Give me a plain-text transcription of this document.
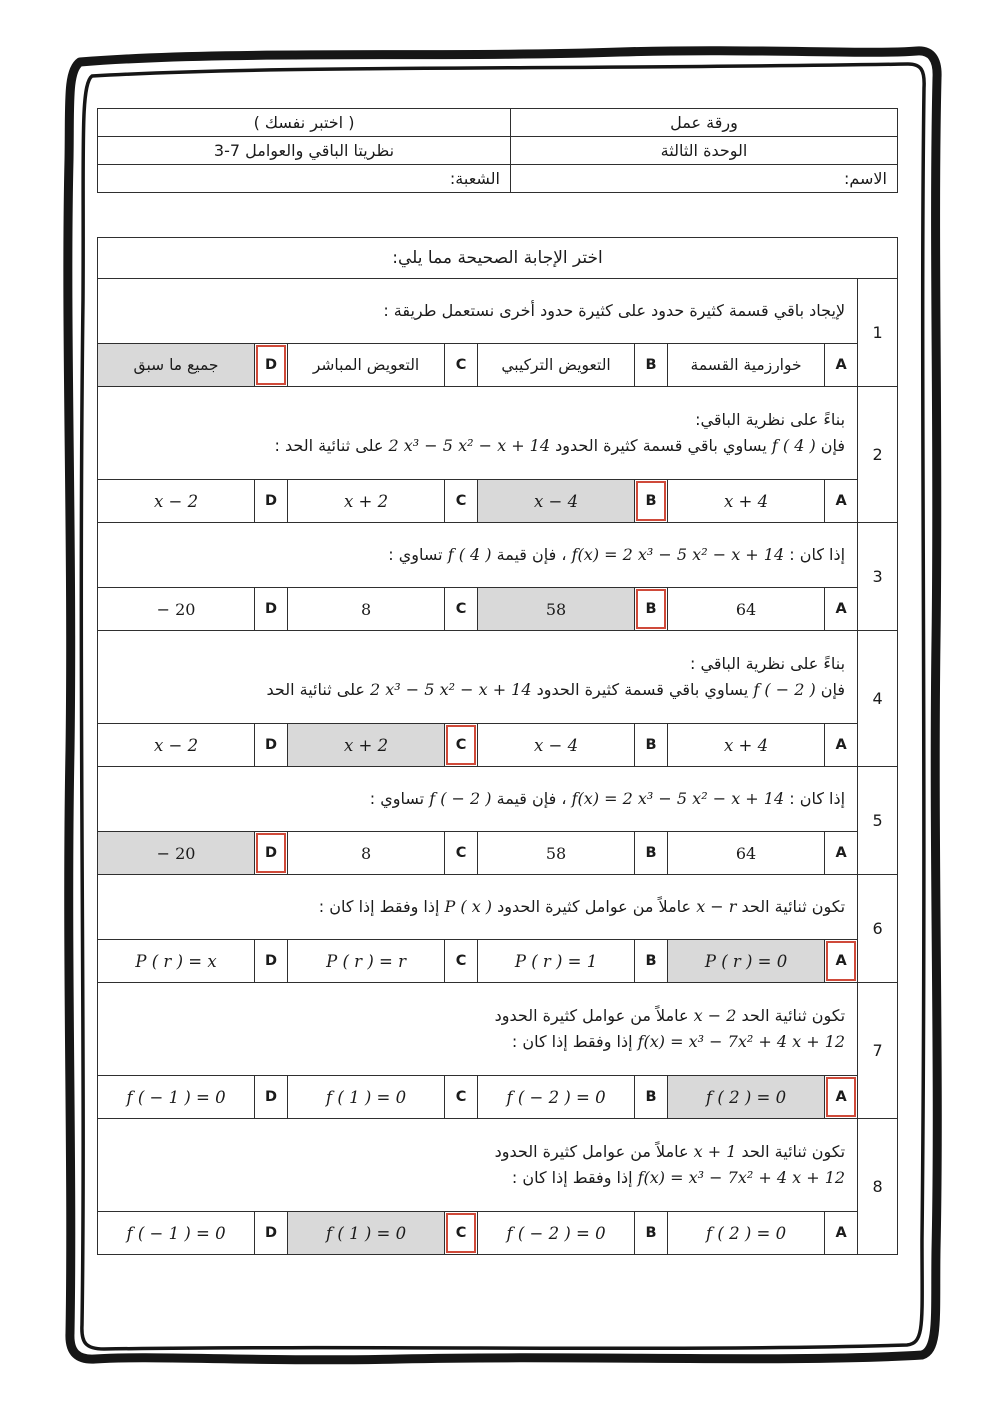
ورقة عمل	( اختبر نفسك )
الوحدة الثالثة	نظريتا الباقي والعوامل ‎3-7
الاسم:	الشعبة:
اختر الإجابة الصحيحة مما يلي:								
1	لإيجاد باقي قسمة كثيرة حدود على كثيرة حدود أخرى نستعمل طريقة :							

	A	خوارزمية القسمة	B	التعويض التركيبي	C	التعويض المباشر	D	جميع ما سبق
2	بناءً على نظرية الباقي:
فإن f ( 4 ) يساوي باقي قسمة كثيرة الحدود 2 x³ − 5 x² − x + 14 على ثنائية الحد :							

	A	x + 4	B	x − 4	C	x + 2	D	x − 2
3	إذا كان : f(x) = 2 x³ − 5 x² − x + 14 ، فإن قيمة f ( 4 ) تساوي :							

	A	64	B	58	C	8	D	− 20
4	بناءً على نظرية الباقي :
فإن f ( − 2 ) يساوي باقي قسمة كثيرة الحدود 2 x³ − 5 x² − x + 14 على ثنائية الحد							

	A	x + 4	B	x − 4	C	x + 2	D	x − 2
5	إذا كان : f(x) = 2 x³ − 5 x² − x + 14 ، فإن قيمة f ( − 2 ) تساوي :							

	A	64	B	58	C	8	D	− 20
6	تكون ثنائية الحد x − r عاملاً من عوامل كثيرة الحدود P ( x ) إذا وفقط إذا كان :							

	A	P ( r ) = 0	B	P ( r ) = 1	C	P ( r ) = r	D	P ( r ) = x
7	تكون ثنائية الحد x − 2 عاملاً من عوامل كثيرة الحدود
f(x) = x³ − 7x² + 4 x + 12 إذا وفقط إذا كان :							

	A	f ( 2 ) = 0	B	f ( − 2 ) = 0	C	f ( 1 ) = 0	D	f ( − 1 ) = 0
8	تكون ثنائية الحد x + 1 عاملاً من عوامل كثيرة الحدود
f(x) = x³ − 7x² + 4 x + 12 إذا وفقط إذا كان :							

	A	f ( 2 ) = 0	B	f ( − 2 ) = 0	C	f ( 1 ) = 0	D	f ( − 1 ) = 0
